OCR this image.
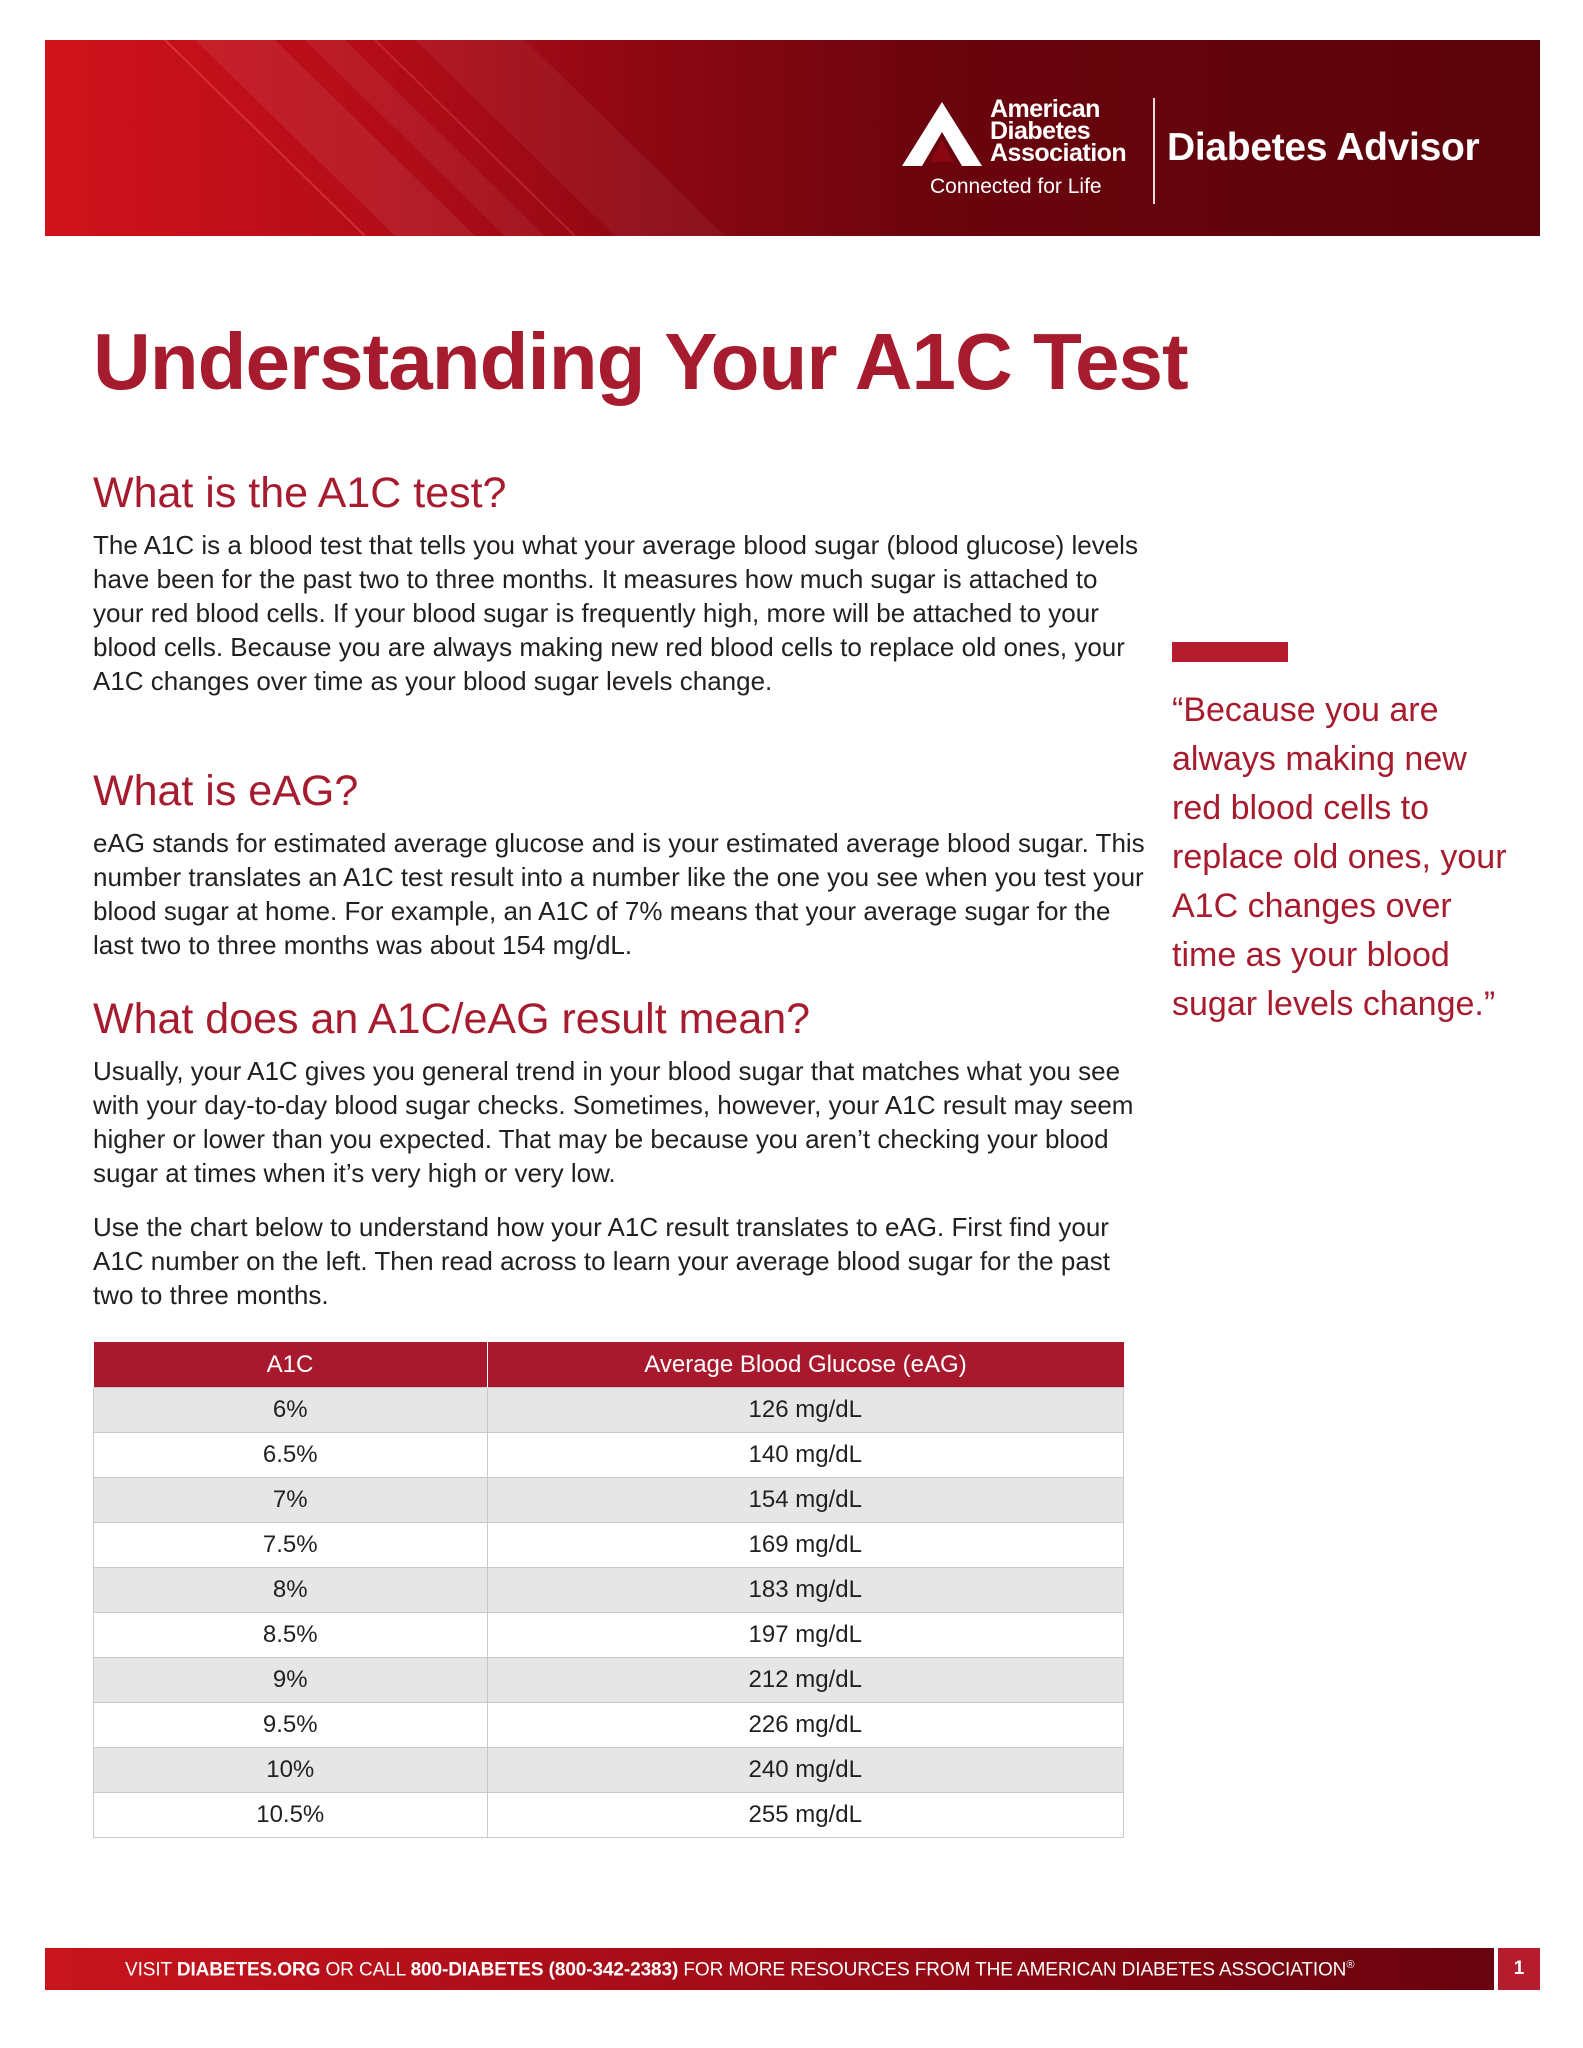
American
Diabetes
Association
Connected for Life
Diabetes Advisor
Understanding Your A1C Test
What is the A1C test?

The A1C is a blood test that tells you what your average blood sugar (blood glucose) levels have been for the past two to three months. It measures how much sugar is attached to your red blood cells. If your blood sugar is frequently high, more will be attached to your blood cells. Because you are always making new red blood cells to replace old ones, your A1C changes over time as your blood sugar levels change.

What is eAG?

eAG stands for estimated average glucose and is your estimated average blood sugar. This number translates an A1C test result into a number like the one you see when you test your blood sugar at home. For example, an A1C of 7% means that your average sugar for the last two to three months was about 154 mg/dL.

What does an A1C/eAG result mean?

Usually, your A1C gives you general trend in your blood sugar that matches what you see with your day-to-day blood sugar checks. Sometimes, however, your A1C result may seem higher or lower than you expected. That may be because you aren’t checking your blood sugar at times when it’s very high or very low.

Use the chart below to understand how your A1C result translates to eAG. First find your A1C number on the left. Then read across to learn your average blood sugar for the past two to three months.

“Because you are always making new red blood cells to replace old ones, your A1C changes over time as your blood sugar levels change.”

A1C	Average Blood Glucose (eAG)
6%	126 mg/dL
6.5%	140 mg/dL
7%	154 mg/dL
7.5%	169 mg/dL
8%	183 mg/dL
8.5%	197 mg/dL
9%	212 mg/dL
9.5%	226 mg/dL
10%	240 mg/dL
10.5%	255 mg/dL
VISIT DIABETES.ORG OR CALL 800-DIABETES (800-342-2383) FOR MORE RESOURCES FROM THE AMERICAN DIABETES ASSOCIATION®	1
